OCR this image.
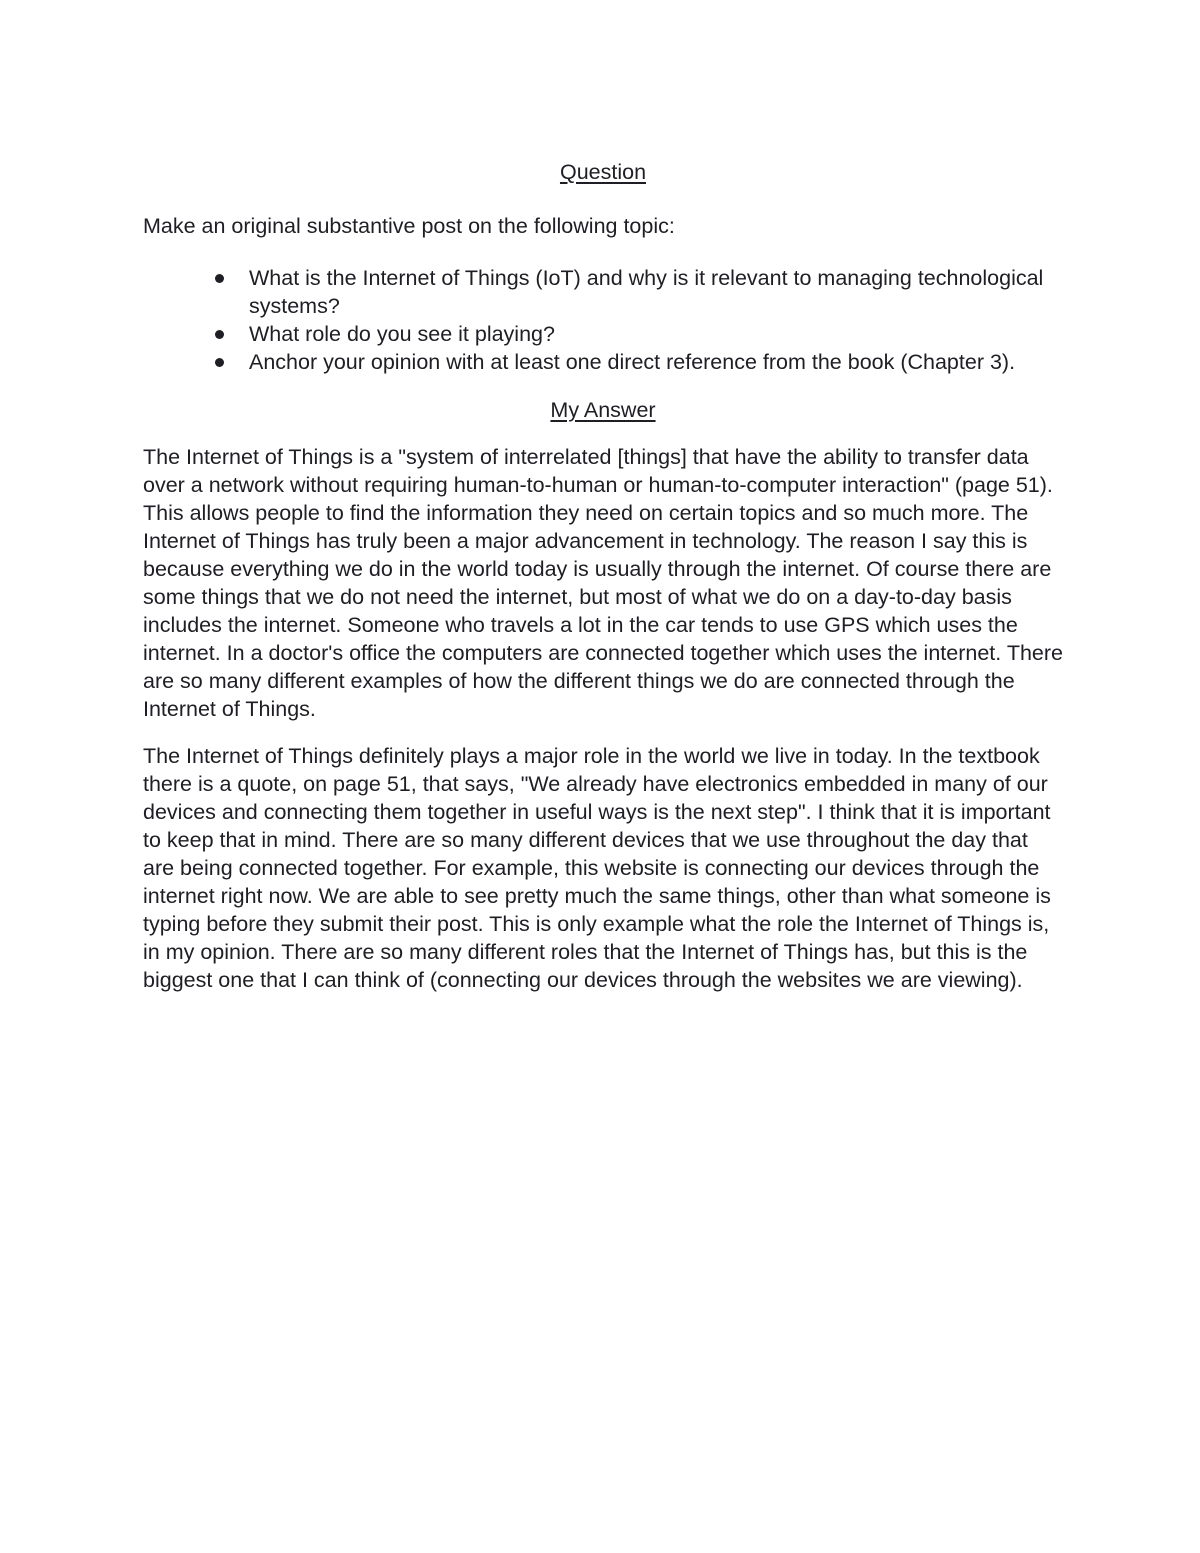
Question

Make an original substantive post on the following topic:

What is the Internet of Things (IoT) and why is it relevant to managing technological systems?
What role do you see it playing?
Anchor your opinion with at least one direct reference from the book (Chapter 3).

My Answer

The Internet of Things is a "system of interrelated [things] that have the ability to transfer data over a network without requiring human-to-human or human-to-computer interaction" (page 51). This allows people to find the information they need on certain topics and so much more. The Internet of Things has truly been a major advancement in technology. The reason I say this is because everything we do in the world today is usually through the internet. Of course there are some things that we do not need the internet, but most of what we do on a day-to-day basis includes the internet. Someone who travels a lot in the car tends to use GPS which uses the internet. In a doctor's office the computers are connected together which uses the internet. There are so many different examples of how the different things we do are connected through the Internet of Things.

The Internet of Things definitely plays a major role in the world we live in today. In the textbook there is a quote, on page 51, that says, "We already have electronics embedded in many of our devices and connecting them together in useful ways is the next step". I think that it is important to keep that in mind. There are so many different devices that we use throughout the day that are being connected together. For example, this website is connecting our devices through the internet right now. We are able to see pretty much the same things, other than what someone is typing before they submit their post. This is only example what the role the Internet of Things is, in my opinion. There are so many different roles that the Internet of Things has, but this is the biggest one that I can think of (connecting our devices through the websites we are viewing).
